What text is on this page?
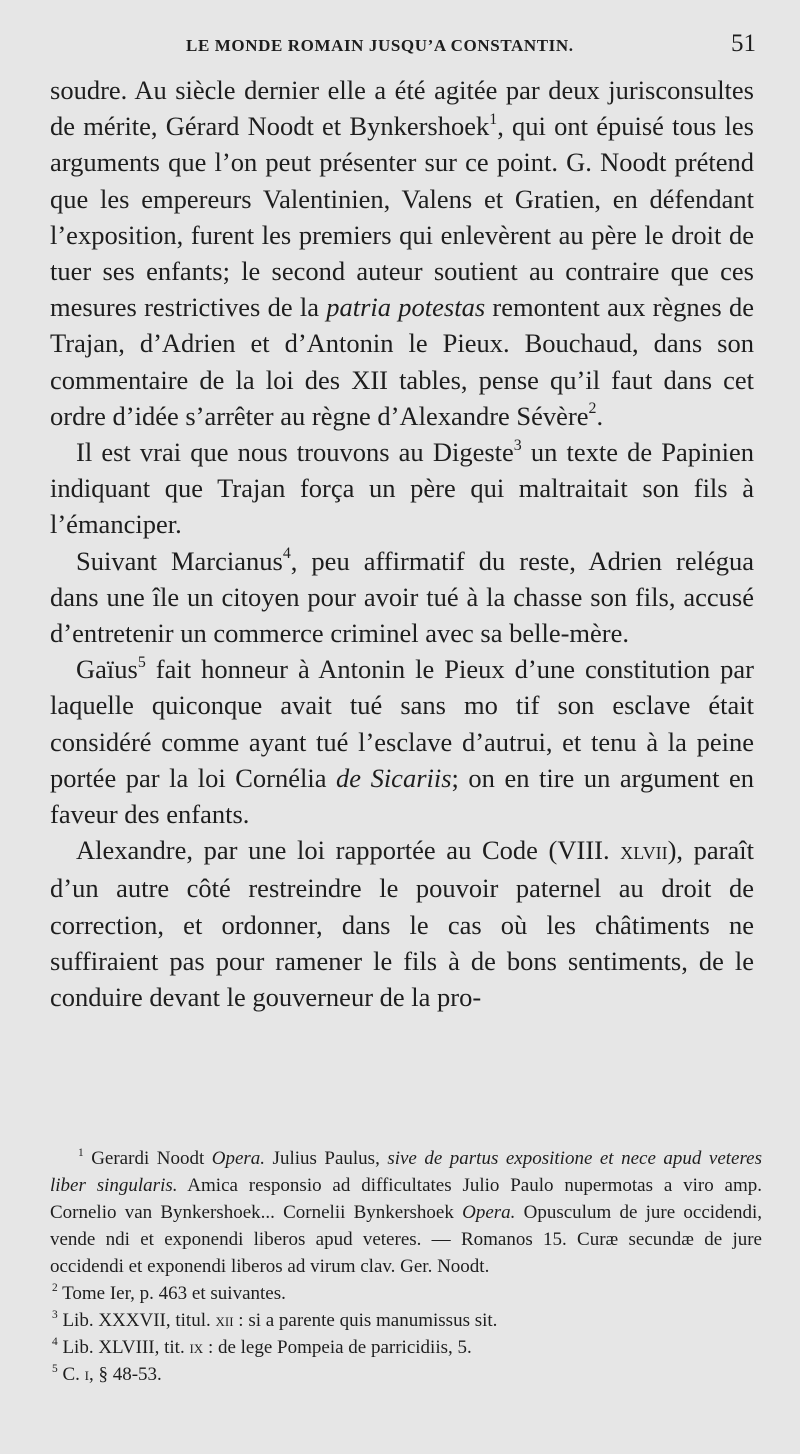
LE MONDE ROMAIN JUSQU’A CONSTANTIN.	51

soudre. Au siècle dernier elle a été agitée par deux jurisconsultes de mérite, Gérard Noodt et Bynkershoek$^1$, qui ont épuisé tous les arguments que l’on peut présenter sur ce point. G. Noodt prétend que les empereurs Valentinien, Valens et Gratien, en défendant l’exposition, furent les premiers qui enlevèrent au père le droit de tuer ses enfants; le second auteur soutient au contraire que ces mesures restrictives de la patria potestas remontent aux règnes de Trajan, d’Adrien et d’Antonin le Pieux. Bouchaud, dans son commentaire de la loi des XII tables, pense qu’il faut dans cet ordre d’idée s’arrêter au règne d’Alexandre Sévère$^2$.

Il est vrai que nous trouvons au Digeste$^3$ un texte de Papinien indiquant que Trajan força un père qui maltraitait son fils à l’émanciper.

Suivant Marcianus$^4$, peu affirmatif du reste, Adrien relégua dans une île un citoyen pour avoir tué à la chasse son fils, accusé d’entretenir un commerce criminel avec sa belle-mère.

Gaïus$^5$ fait honneur à Antonin le Pieux d’une constitution par laquelle quiconque avait tué sans mo tif son esclave était considéré comme ayant tué l’esclave d’autrui, et tenu à la peine portée par la loi Cornélia de Sicariis; on en tire un argument en faveur des enfants.

Alexandre, par une loi rapportée au Code (VIII. xlvii), paraît d’un autre côté restreindre le pouvoir paternel au droit de correction, et ordonner, dans le cas où les châtiments ne suffiraient pas pour ramener le fils à de bons sentiments, de le conduire devant le gouverneur de la pro-

$^1$ Gerardi Noodt Opera. Julius Paulus, sive de partus expositione et nece apud veteres liber singularis. Amica responsio ad difficultates Julio Paulo nupermotas a viro amp. Cornelio van Bynkershoek... Cornelii Bynkershoek Opera. Opusculum de jure occidendi, vende ndi et exponendi liberos apud veteres. — Romanos 15. Curæ secundæ de jure occidendi et exponendi liberos ad virum clav. Ger. Noodt.

$^2$ Tome Ier, p. 463 et suivantes.

$^3$ Lib. XXXVII, titul. xii : si a parente quis manumissus sit.

$^4$ Lib. XLVIII, tit. ix : de lege Pompeia de parricidiis, 5.

$^5$ C. i, § 48-53.
